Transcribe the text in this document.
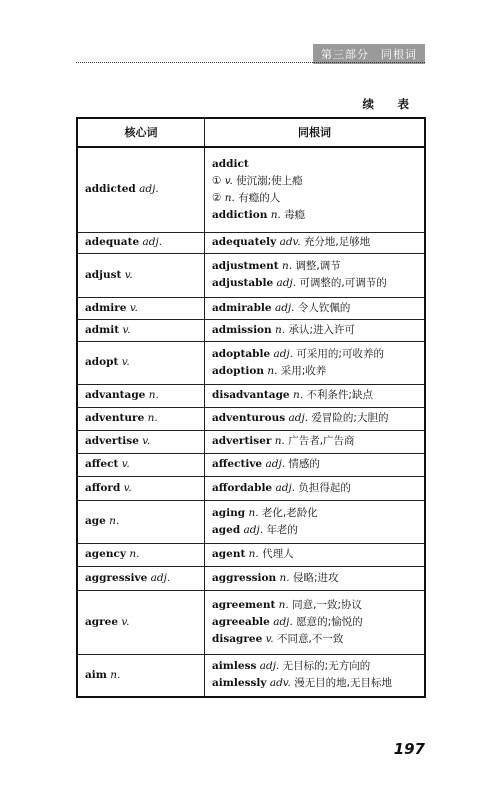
第三部分　同根词
续　表
核心词	同根词
addicted adj.	addict
① v. 使沉溺;使上瘾
② n. 有瘾的人
addiction n. 毒瘾

adequate adj.	adequately adv. 充分地,足够地

adjust v.	adjustment n. 调整,调节
adjustable adj. 可调整的,可调节的

admire v.	admirable adj. 令人钦佩的

admit v.	admission n. 承认;进入许可

adopt v.	adoptable adj. 可采用的;可收养的
adoption n. 采用;收养

advantage n.	disadvantage n. 不利条件;缺点

adventure n.	adventurous adj. 爱冒险的;大胆的

advertise v.	advertiser n. 广告者,广告商

affect v.	affective adj. 情感的

afford v.	affordable adj. 负担得起的

age n.	aging n. 老化,老龄化
aged adj. 年老的

agency n.	agent n. 代理人

aggressive adj.	aggression n. 侵略;进攻

agree v.	agreement n. 同意,一致;协议
agreeable adj. 愿意的;愉悦的
disagree v. 不同意,不一致

aim n.	aimless adj. 无目标的;无方向的
aimlessly adv. 漫无目的地,无目标地
197
